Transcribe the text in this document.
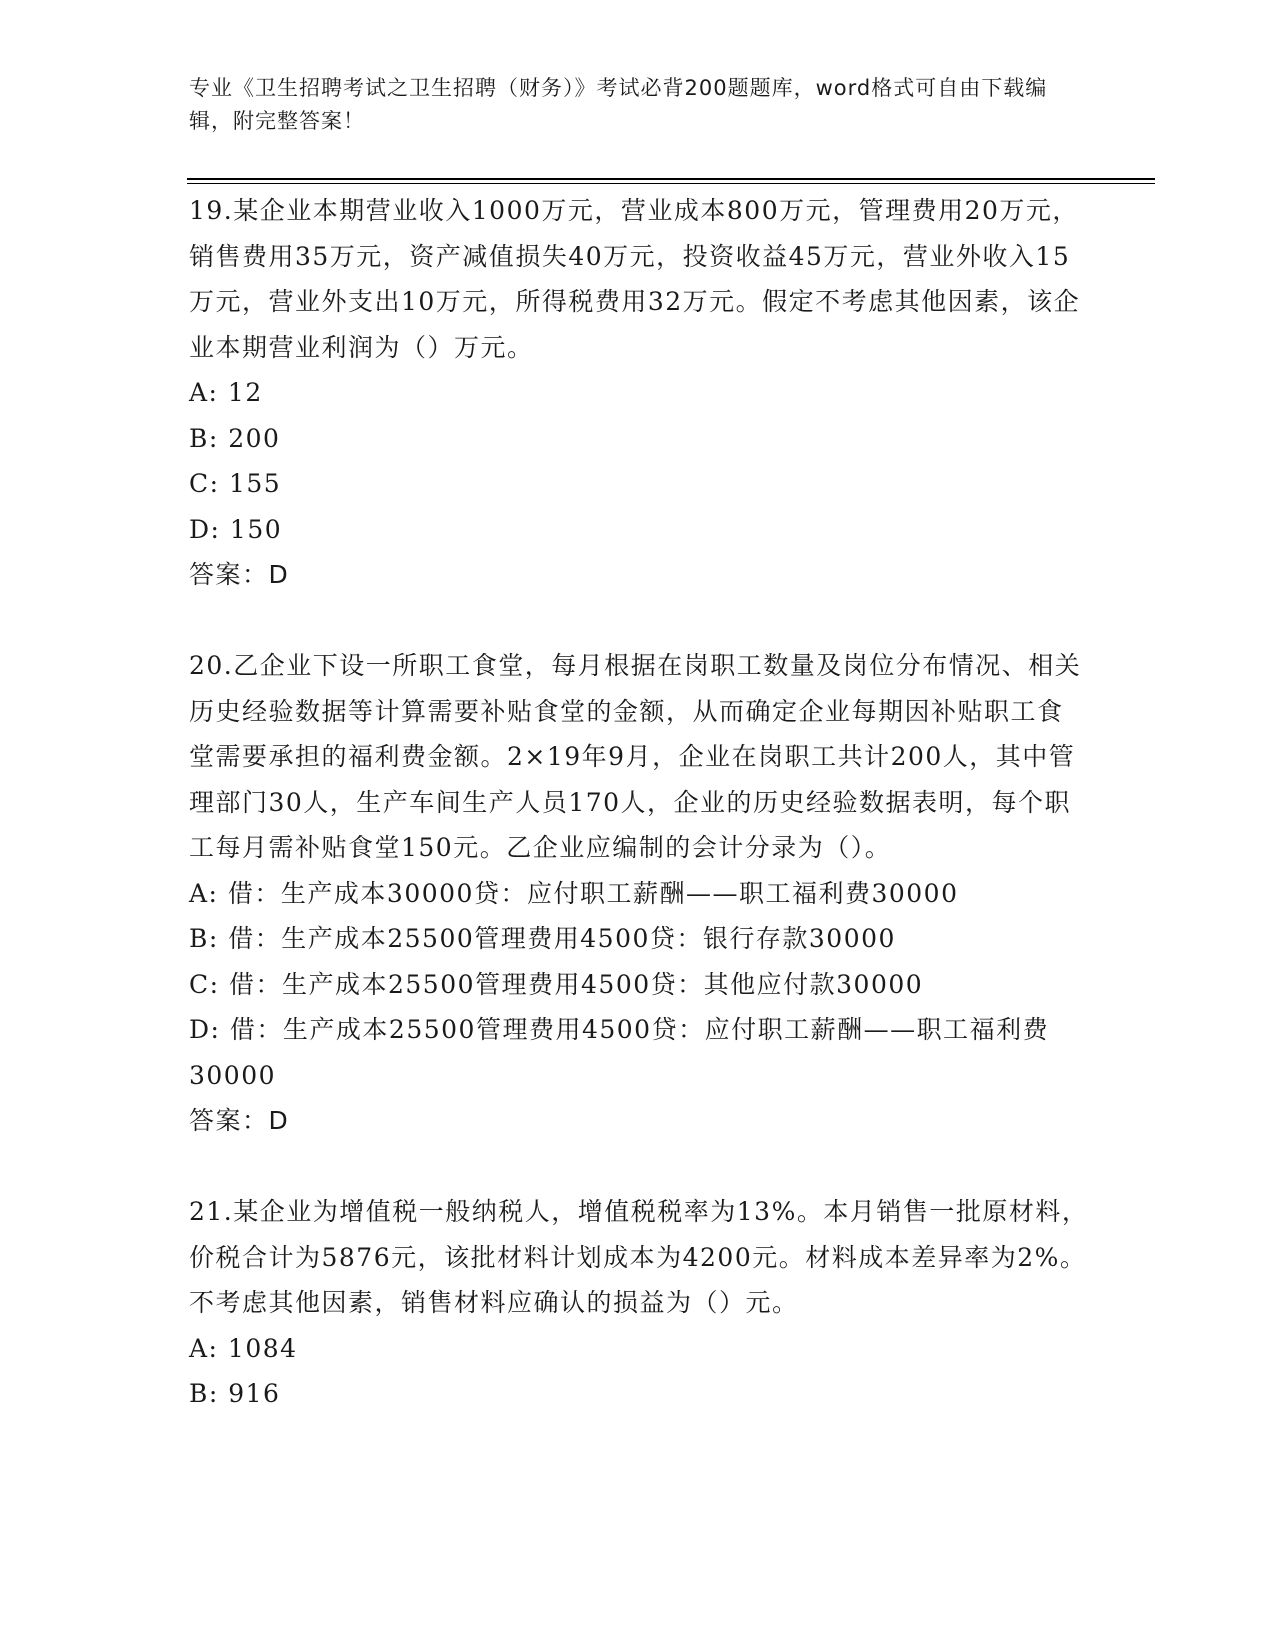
专业《卫生招聘考试之卫生招聘（财务）》考试必背200题题库，word格式可自由下载编辑，附完整答案！

19.某企业本期营业收入1000万元，营业成本800万元，管理费用20万元，销售费用35万元，资产减值损失40万元，投资收益45万元，营业外收入15万元，营业外支出10万元，所得税费用32万元。假定不考虑其他因素，该企业本期营业利润为（）万元。

A: 12

B: 200

C: 155

D: 150

答案：D

20.乙企业下设一所职工食堂，每月根据在岗职工数量及岗位分布情况、相关历史经验数据等计算需要补贴食堂的金额，从而确定企业每期因补贴职工食堂需要承担的福利费金额。2×19年9月，企业在岗职工共计200人，其中管理部门30人，生产车间生产人员170人，企业的历史经验数据表明，每个职工每月需补贴食堂150元。乙企业应编制的会计分录为（）。

A: 借：生产成本30000贷：应付职工薪酬——职工福利费30000

B: 借：生产成本25500管理费用4500贷：银行存款30000

C: 借：生产成本25500管理费用4500贷：其他应付款30000

D: 借：生产成本25500管理费用4500贷：应付职工薪酬——职工福利费30000

答案：D

21.某企业为增值税一般纳税人，增值税税率为13%。本月销售一批原材料，价税合计为5876元，该批材料计划成本为4200元。材料成本差异率为2%。不考虑其他因素，销售材料应确认的损益为（）元。

A: 1084

B: 916
